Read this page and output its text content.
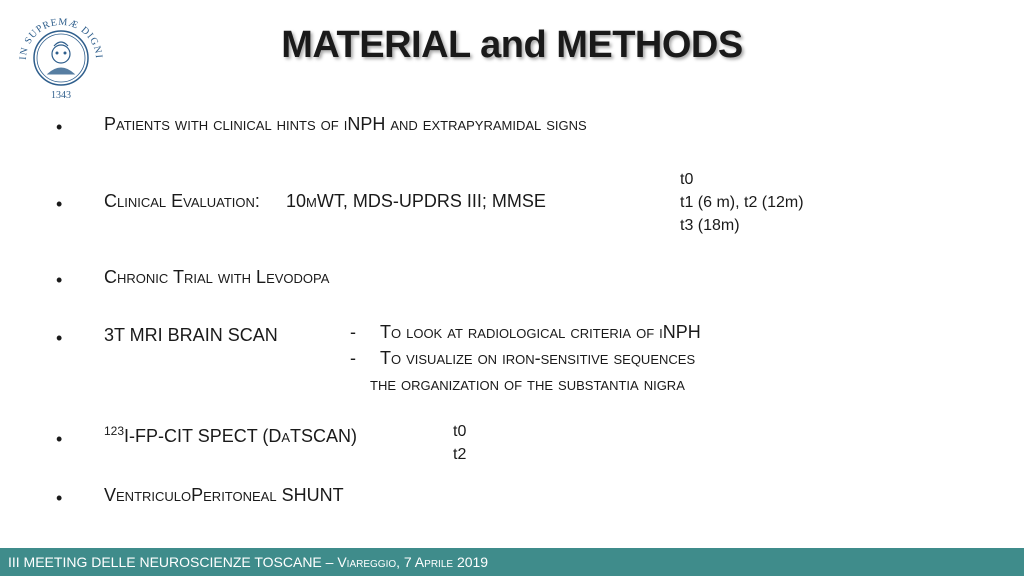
IN SUPREMÆ DIGNI
1343
MATERIAL and METHODS
• Patients with clinical hints of iNPH and extrapyramidal signs
• Clinical Evaluation: 10mWT, MDS-UPDRS III; MMSE
t0
t1 (6 m), t2 (12m)
t3 (18m)
• Chronic Trial with Levodopa
• 3T MRI BRAIN SCAN	- To look at radiological criteria of iNPH
- To visualize on iron-sensitive sequences
the organization of the substantia nigra
•	$^{123}$I-FP-CIT SPECT (DaTSCAN)	t0
t2
• VentriculoPeritoneal SHUNT
III MEETING DELLE NEUROSCIENZE TOSCANE – Viareggio, 7 Aprile 2019
